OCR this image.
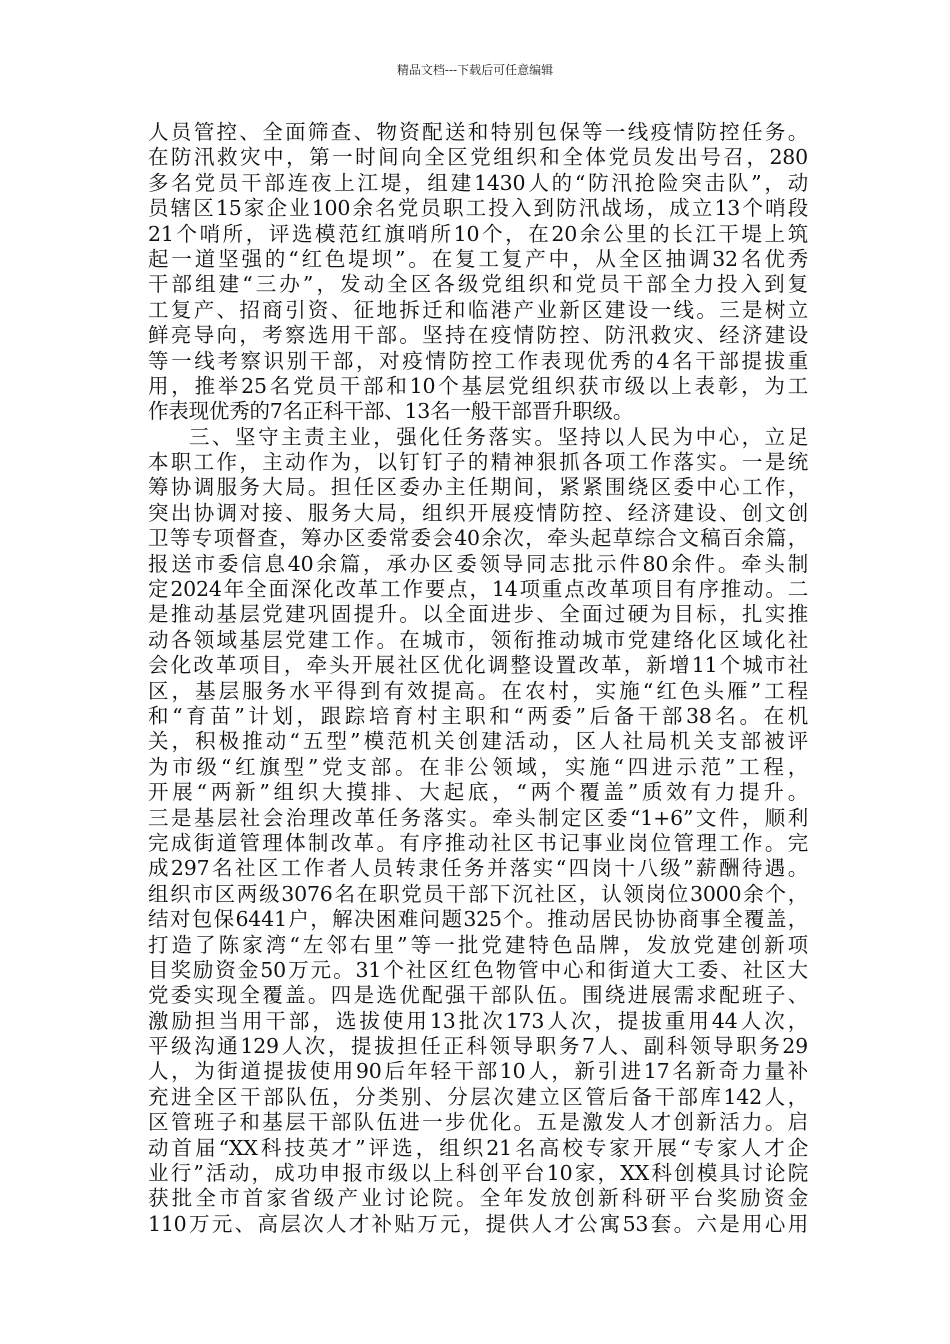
精品文档---下载后可任意编辑
人员管控、全面筛查、物资配送和特别包保等一线疫情防控任务。
在防汛救灾中，第一时间向全区党组织和全体党员发出号召，280
多名党员干部连夜上江堤，组建1430人的“防汛抢险突击队”，动
员辖区15家企业100余名党员职工投入到防汛战场，成立13个哨段
21个哨所，评选模范红旗哨所10个，在20余公里的长江干堤上筑
起一道坚强的“红色堤坝”。在复工复产中，从全区抽调32名优秀
干部组建“三办”，发动全区各级党组织和党员干部全力投入到复
工复产、招商引资、征地拆迁和临港产业新区建设一线。三是树立
鲜亮导向，考察选用干部。坚持在疫情防控、防汛救灾、经济建设
等一线考察识别干部，对疫情防控工作表现优秀的4名干部提拔重
用，推举25名党员干部和10个基层党组织获市级以上表彰，为工
作表现优秀的7名正科干部、13名一般干部晋升职级。
三、坚守主责主业，强化任务落实。坚持以人民为中心，立足
本职工作，主动作为，以钉钉子的精神狠抓各项工作落实。一是统
筹协调服务大局。担任区委办主任期间，紧紧围绕区委中心工作，
突出协调对接、服务大局，组织开展疫情防控、经济建设、创文创
卫等专项督查，筹办区委常委会40余次，牵头起草综合文稿百余篇，
报送市委信息40余篇，承办区委领导同志批示件80余件。牵头制
定2024年全面深化改革工作要点，14项重点改革项目有序推动。二
是推动基层党建巩固提升。以全面进步、全面过硬为目标，扎实推
动各领域基层党建工作。在城市，领衔推动城市党建络化区域化社
会化改革项目，牵头开展社区优化调整设置改革，新增11个城市社
区，基层服务水平得到有效提高。在农村，实施“红色头雁”工程
和“育苗”计划，跟踪培育村主职和“两委”后备干部38名。在机
关，积极推动“五型”模范机关创建活动，区人社局机关支部被评
为市级“红旗型”党支部。在非公领域，实施“四进示范”工程，
开展“两新”组织大摸排、大起底，“两个覆盖”质效有力提升。
三是基层社会治理改革任务落实。牵头制定区委“1+6”文件，顺利
完成街道管理体制改革。有序推动社区书记事业岗位管理工作。完
成297名社区工作者人员转隶任务并落实“四岗十八级”薪酬待遇。
组织市区两级3076名在职党员干部下沉社区，认领岗位3000余个，
结对包保6441户，解决困难问题325个。推动居民协协商事全覆盖，
打造了陈家湾“左邻右里”等一批党建特色品牌，发放党建创新项
目奖励资金50万元。31个社区红色物管中心和街道大工委、社区大
党委实现全覆盖。四是选优配强干部队伍。围绕进展需求配班子、
激励担当用干部，选拔使用13批次173人次，提拔重用44人次，
平级沟通129人次，提拔担任正科领导职务7人、副科领导职务29
人，为街道提拔使用90后年轻干部10人，新引进17名新奇力量补
充进全区干部队伍，分类别、分层次建立区管后备干部库142人，
区管班子和基层干部队伍进一步优化。五是激发人才创新活力。启
动首届“XX科技英才”评选，组织21名高校专家开展“专家人才企
业行”活动，成功申报市级以上科创平台10家，XX科创模具讨论院
获批全市首家省级产业讨论院。全年发放创新科研平台奖励资金
110万元、高层次人才补贴万元，提供人才公寓53套。六是用心用
